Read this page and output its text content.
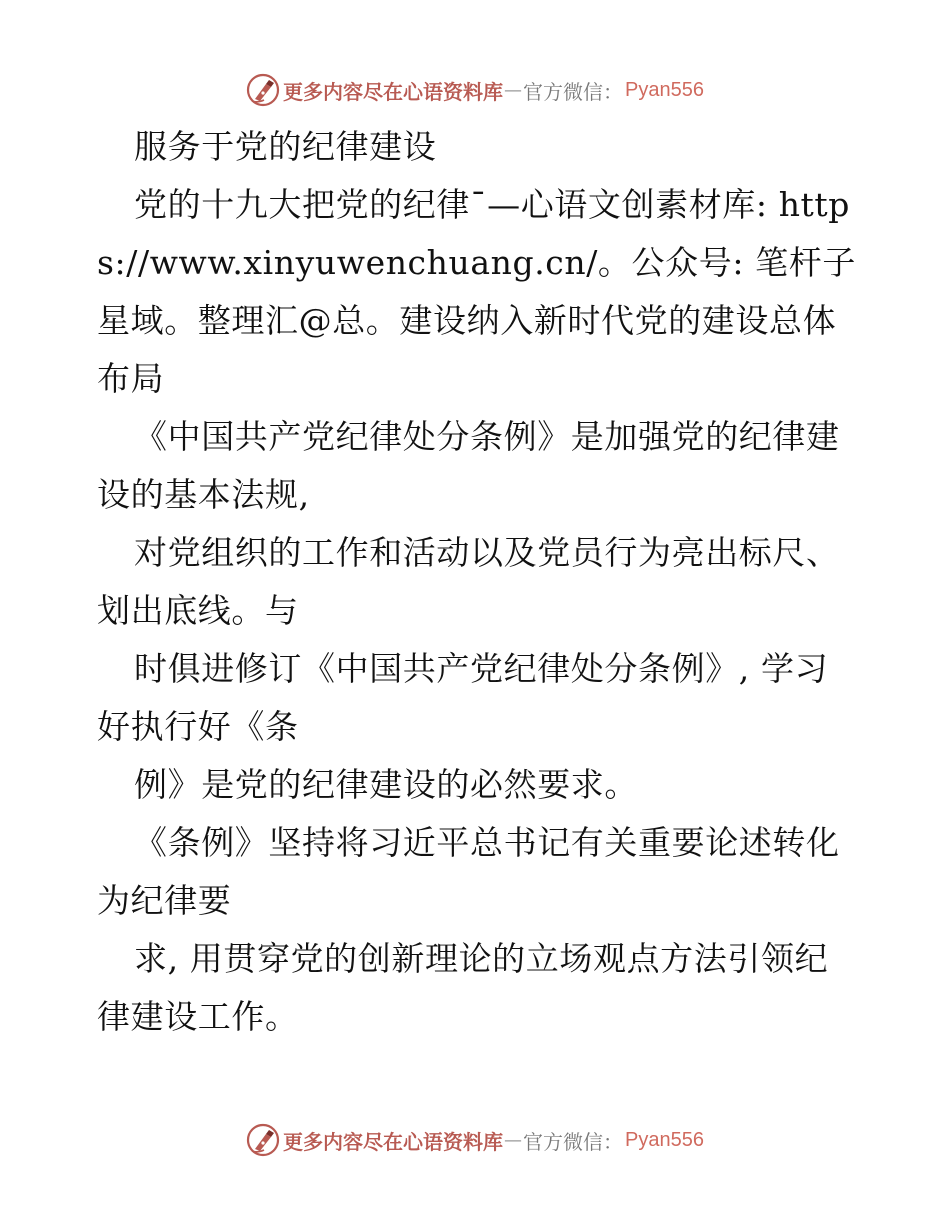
更多内容尽在心语资料库 — 官方微信： Pyan556

服务于党的纪律建设

党的十九大把党的纪律¯—心语文创素材库: https://www.xinyuwenchuang.cn/。公众号: 笔杆子星域。整理汇@总。建设纳入新时代党的建设总体布局

《中国共产党纪律处分条例》是加强党的纪律建设的基本法规,

对党组织的工作和活动以及党员行为亮出标尺、划出底线。与

时俱进修订《中国共产党纪律处分条例》, 学习好执行好《条

例》是党的纪律建设的必然要求。

《条例》坚持将习近平总书记有关重要论述转化为纪律要

求, 用贯穿党的创新理论的立场观点方法引领纪律建设工作。

更多内容尽在心语资料库 — 官方微信： Pyan556
